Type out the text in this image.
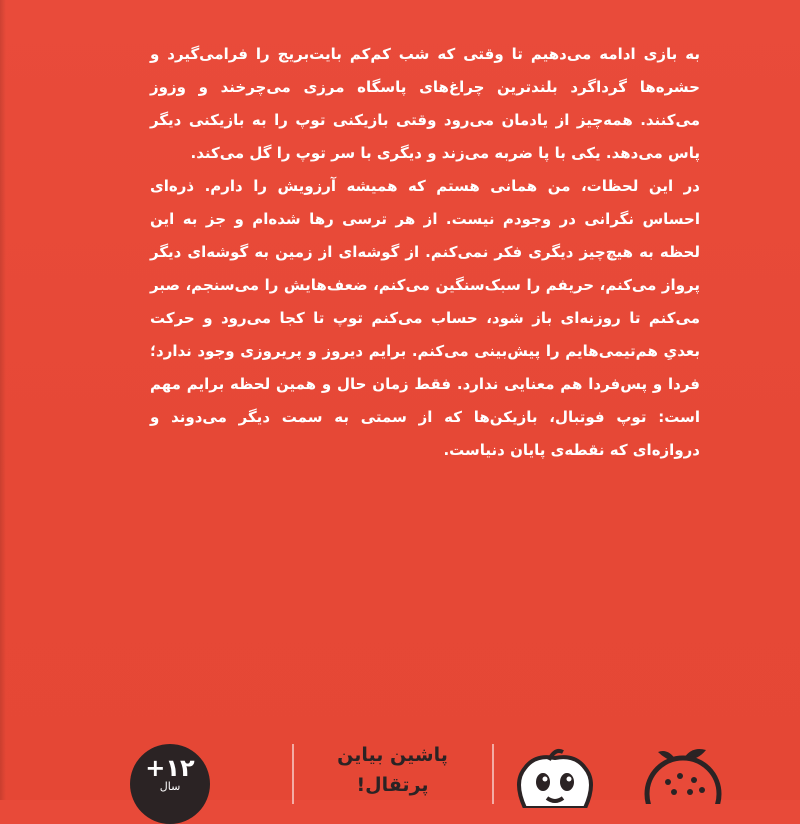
به بازی ادامه می‌دهیم تا وقتی که شب کم‌کم بایت‌بریج را فرامی‌گیرد و حشره‌ها گرداگرد بلندترین چراغ‌های پاسگاه مرزی می‌چرخند و وزوز می‌کنند. همه‌چیز از یادمان می‌رود وقتی بازیکنی توپ را به بازیکنی دیگر پاس می‌دهد. یکی با پا ضربه می‌زند و دیگری با سر توپ را گل می‌کند.

در این لحظات، من همانی هستم که همیشه آرزویش را دارم. ذره‌ای احساس نگرانی در وجودم نیست. از هر ترسی رها شده‌ام و جز به این لحظه به هیچ‌چیز دیگری فکر نمی‌کنم. از گوشه‌ای از زمین به گوشه‌ای دیگر پرواز می‌کنم، حریفم را سبک‌سنگین می‌کنم، ضعف‌هایش را می‌سنجم، صبر می‌کنم تا روزنه‌ای باز شود، حساب می‌کنم توپ تا کجا می‌رود و حرکت بعدیِ هم‌تیمی‌هایم را پیش‌بینی می‌کنم. برایم دیروز و پریروزی وجود ندارد؛ فردا و پس‌فردا هم معنایی ندارد. فقط زمان حال و همین لحظه برایم مهم است: توپ فوتبال، بازیکن‌ها که از سمتی به سمت دیگر می‌دوند و دروازه‌ای که نقطه‌ی پایان دنیاست.

+۱۲
سال
پاشین بیاین
پرتقال!
